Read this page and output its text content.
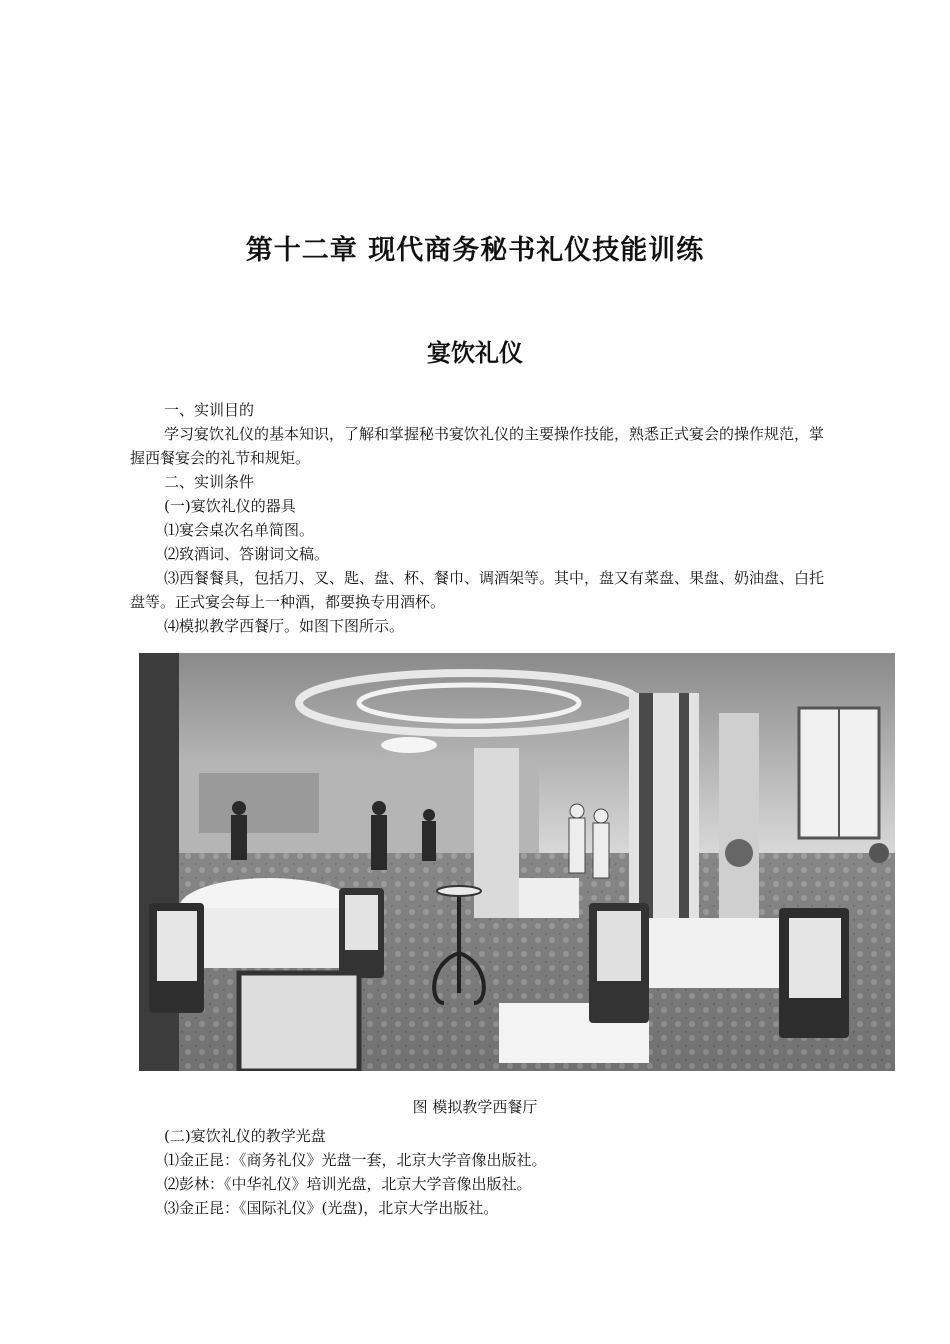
第十二章 现代商务秘书礼仪技能训练
宴饮礼仪

一、实训目的

学习宴饮礼仪的基本知识，了解和掌握秘书宴饮礼仪的主要操作技能，熟悉正式宴会的操作规范，掌握西餐宴会的礼节和规矩。

二、实训条件

(一)宴饮礼仪的器具

⑴宴会桌次名单简图。

⑵致酒词、答谢词文稿。

⑶西餐餐具，包括刀、叉、匙、盘、杯、餐巾、调酒架等。其中，盘又有菜盘、果盘、奶油盘、白托盘等。正式宴会每上一种酒，都要换专用酒杯。

⑷模拟教学西餐厅。如图下图所示。

图 模拟教学西餐厅

(二)宴饮礼仪的教学光盘

⑴金正昆：《商务礼仪》光盘一套，北京大学音像出版社。

⑵彭林：《中华礼仪》培训光盘，北京大学音像出版社。

⑶金正昆：《国际礼仪》(光盘)，北京大学出版社。
